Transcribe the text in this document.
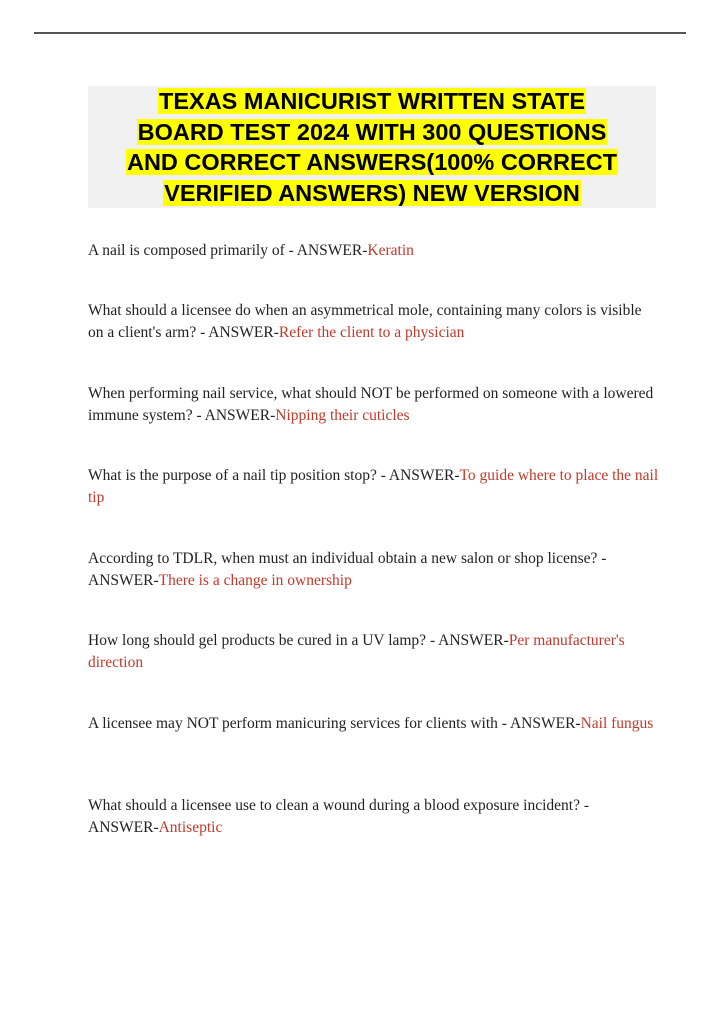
TEXAS MANICURIST WRITTEN STATE
BOARD TEST 2024 WITH 300 QUESTIONS
AND CORRECT ANSWERS(100% CORRECT
VERIFIED ANSWERS) NEW VERSION

A nail is composed primarily of - ANSWER-Keratin
What should a licensee do when an asymmetrical mole, containing many colors is visible on a client's arm? - ANSWER-Refer the client to a physician
When performing nail service, what should NOT be performed on someone with a lowered immune system? - ANSWER-Nipping their cuticles
What is the purpose of a nail tip position stop? - ANSWER-To guide where to place the nail tip
According to TDLR, when must an individual obtain a new salon or shop license? - ANSWER-There is a change in ownership
How long should gel products be cured in a UV lamp? - ANSWER-Per manufacturer's direction
A licensee may NOT perform manicuring services for clients with - ANSWER-Nail fungus
What should a licensee use to clean a wound during a blood exposure incident? - ANSWER-Antiseptic
